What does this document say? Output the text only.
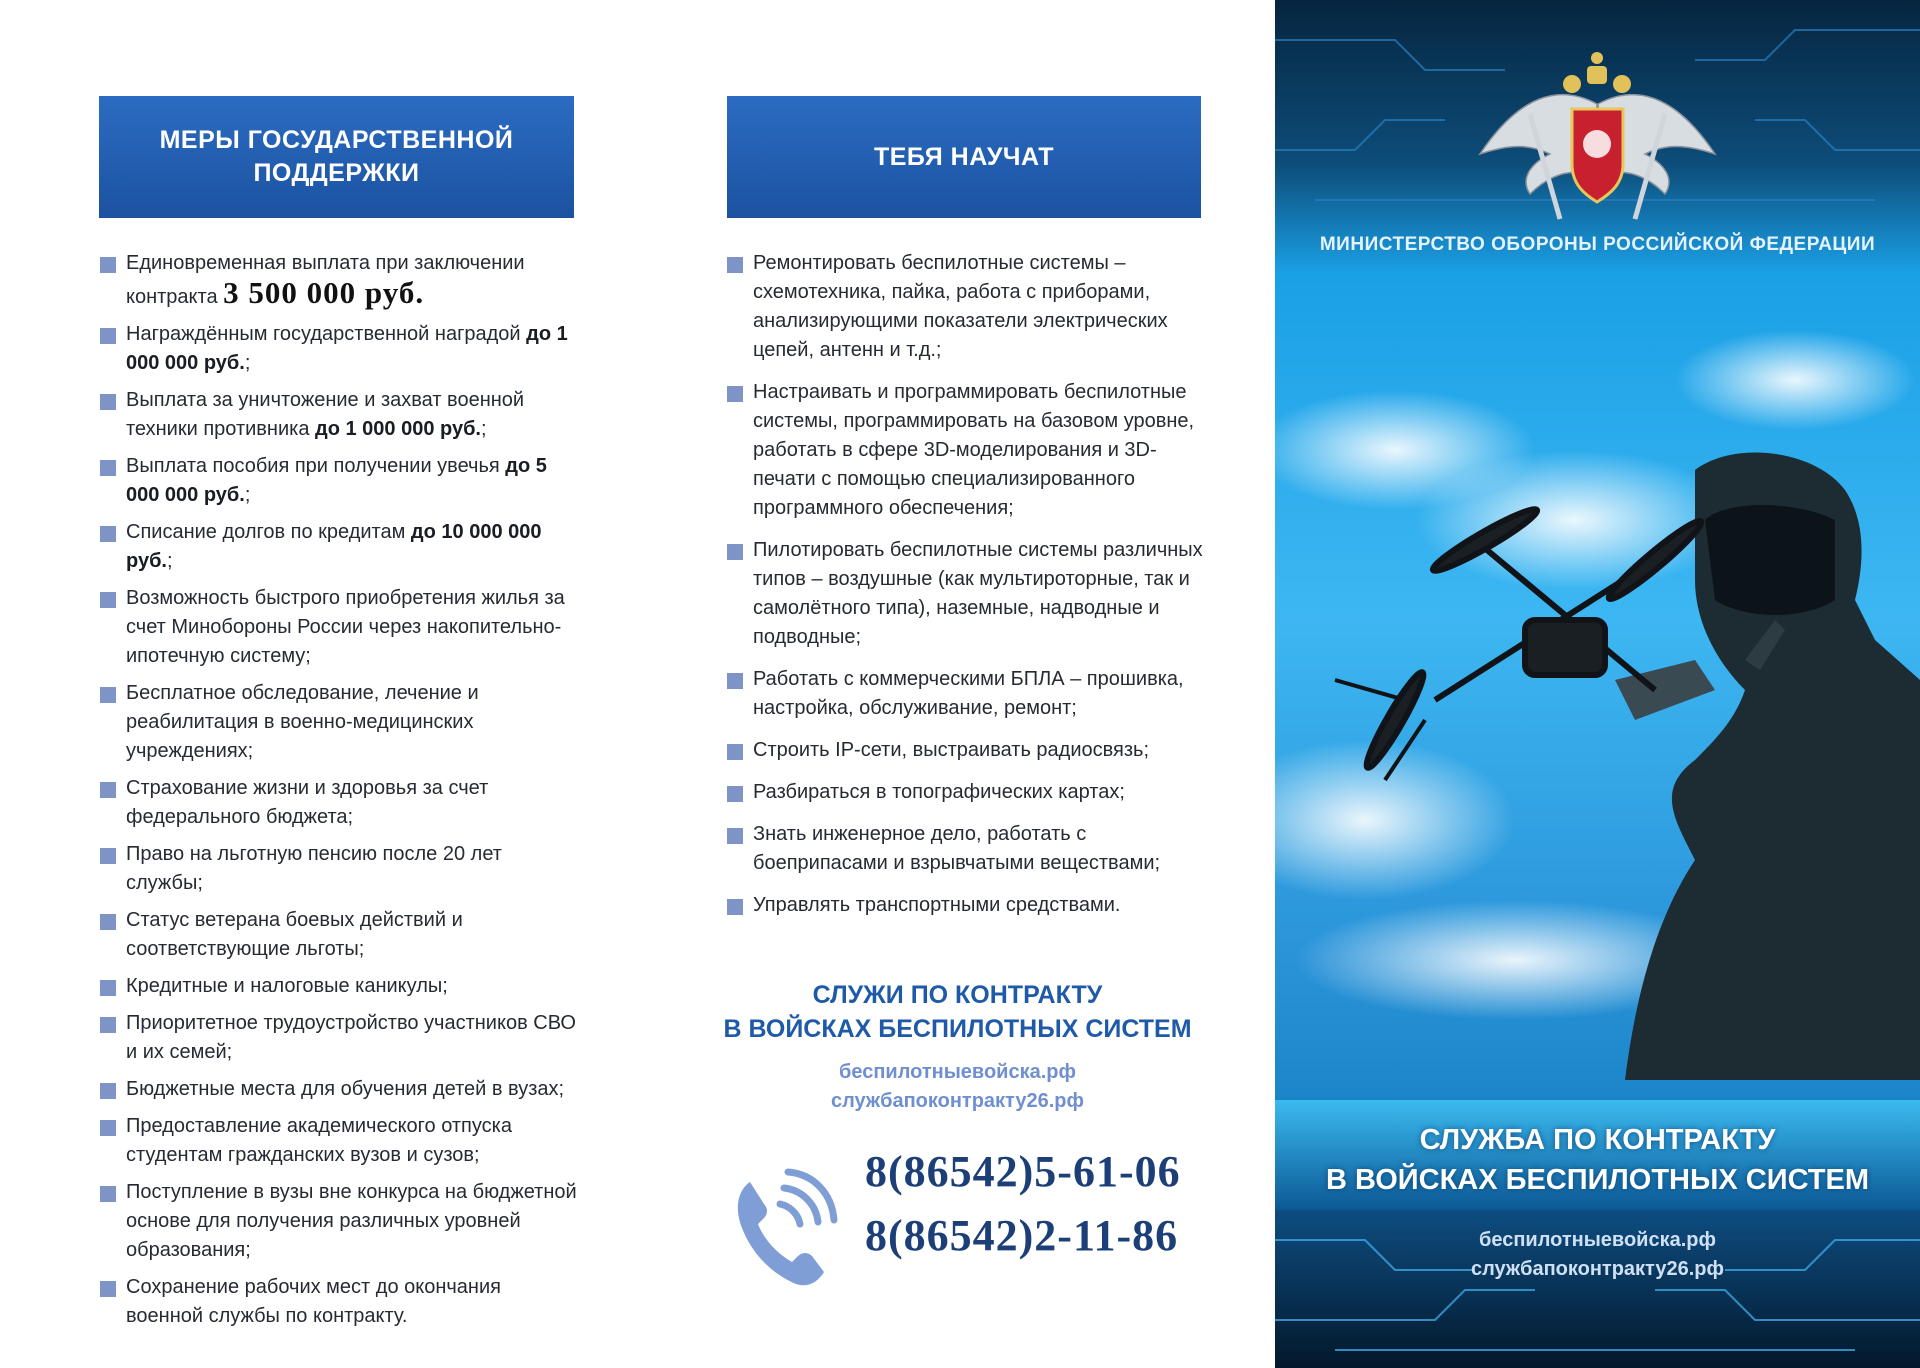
МЕРЫ ГОСУДАРСТВЕННОЙ
ПОДДЕРЖКИ
Единовременная выплата при заключении контракта 3 500 000 руб.
Награждённым государственной наградой до 1 000 000 руб.;
Выплата за уничтожение и захват военной техники противника до 1 000 000 руб.;
Выплата пособия при получении увечья до 5 000 000 руб.;
Списание долгов по кредитам до 10 000 000 руб.;
Возможность быстрого приобретения жилья за счет Минобороны России через накопительно-ипотечную систему;
Бесплатное обследование, лечение и реабилитация в военно-медицинских учреждениях;
Страхование жизни и здоровья за счет федерального бюджета;
Право на льготную пенсию после 20 лет службы;
Статус ветерана боевых действий и соответствующие льготы;
Кредитные и налоговые каникулы;
Приоритетное трудоустройство участников СВО и их семей;
Бюджетные места для обучения детей в вузах;
Предоставление академического отпуска студентам гражданских вузов и сузов;
Поступление в вузы вне конкурса на бюджетной основе для получения различных уровней образования;
Сохранение рабочих мест до окончания военной службы по контракту.
ТЕБЯ НАУЧАТ
Ремонтировать беспилотные системы – схемотехника, пайка, работа с приборами, анализирующими показатели электрических цепей, антенн и т.д.;
Настраивать и программировать беспилотные системы, программировать на базовом уровне, работать в сфере 3D-моделирования и 3D-печати с помощью специализированного программного обеспечения;
Пилотировать беспилотные системы различных типов – воздушные (как мультироторные, так и самолётного типа), наземные, надводные и подводные;
Работать с коммерческими БПЛА – прошивка, настройка, обслуживание, ремонт;
Строить IP-сети, выстраивать радиосвязь;
Разбираться в топографических картах;
Знать инженерное дело, работать с боеприпасами и взрывчатыми веществами;
Управлять транспортными средствами.
СЛУЖИ ПО КОНТРАКТУ
В ВОЙСКАХ БЕСПИЛОТНЫХ СИСТЕМ
беспилотныевойска.рф
службапоконтракту26.рф
8(86542)5-61-06
8(86542)2-11-86
МИНИСТЕРСТВО ОБОРОНЫ РОССИЙСКОЙ ФЕДЕРАЦИИ
СЛУЖБА ПО КОНТРАКТУ
В ВОЙСКАХ БЕСПИЛОТНЫХ СИСТЕМ
беспилотныевойска.рф
службапоконтракту26.рф
